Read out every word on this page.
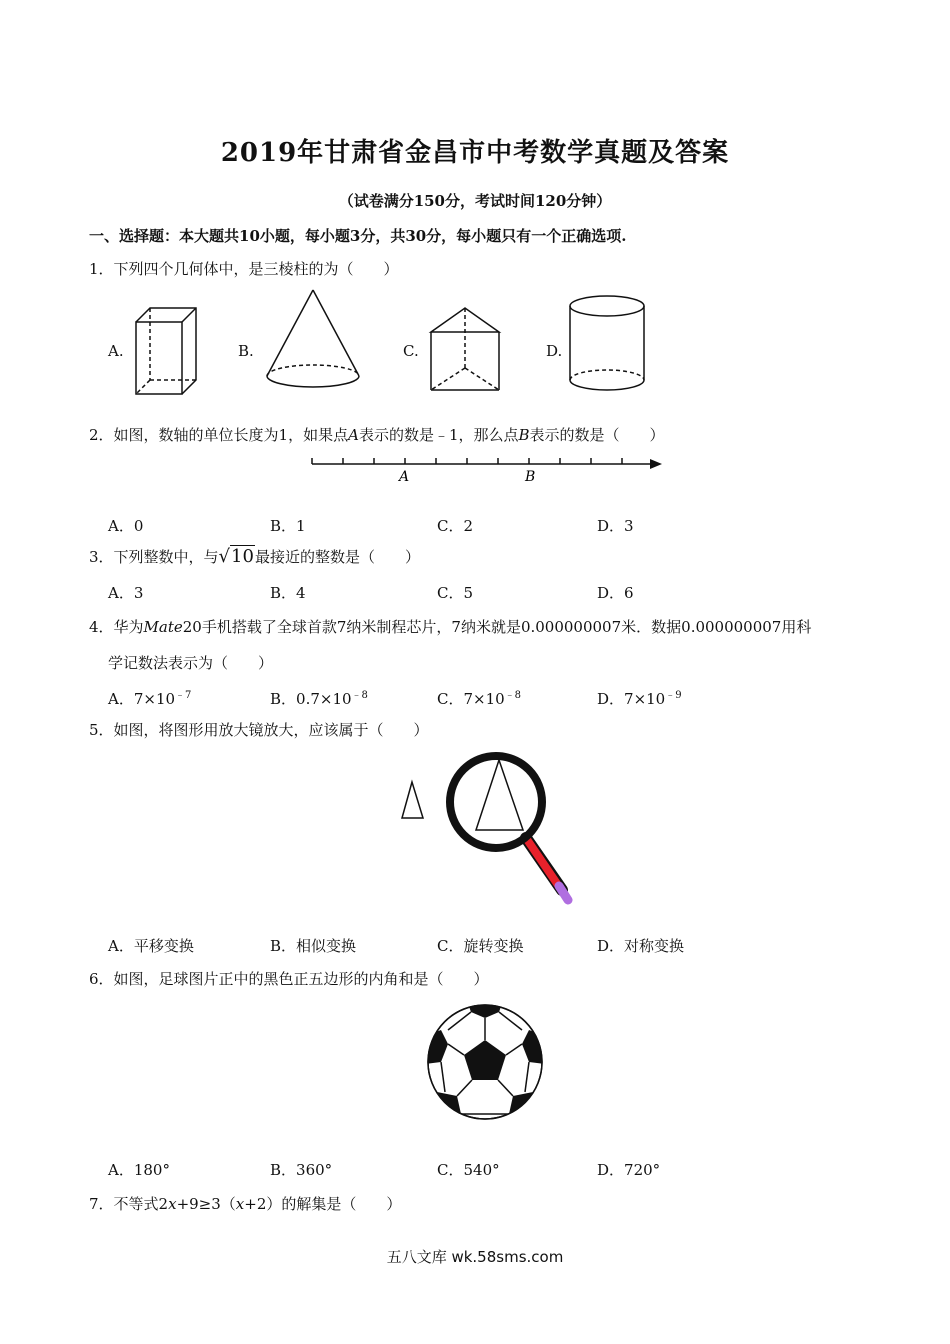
2019年甘肃省金昌市中考数学真题及答案
（试卷满分150分，考试时间120分钟）
一、选择题：本大题共10小题，每小题3分，共30分，每小题只有一个正确选项.
1．下列四个几何体中，是三棱柱的为（　　）
A.	B.	C.	D.
2．如图，数轴的单位长度为1，如果点A表示的数是﹣1，那么点B表示的数是（　　）
A	B
A．0	B．1	C．2	D．3
3．下列整数中，与√10最接近的整数是（　　）
A．3	B．4	C．5	D．6
4．华为Mate20手机搭载了全球首款7纳米制程芯片，7纳米就是0.000000007米．数据0.000000007用科
学记数法表示为（　　）
A．$7\times 10^{﹣7}$	B．$0.7\times 10^{﹣8}$	C．$7\times 10^{﹣8}$	D．$7\times 10^{﹣9}$
5．如图，将图形用放大镜放大，应该属于（　　）
A．平移变换	B．相似变换	C．旋转变换	D．对称变换
6．如图，足球图片正中的黑色正五边形的内角和是（　　）
A．180°	B．360°	C．540°	D．720°
7．不等式2x+9≥3（x+2）的解集是（　　）
五八文库 wk.58sms.com
